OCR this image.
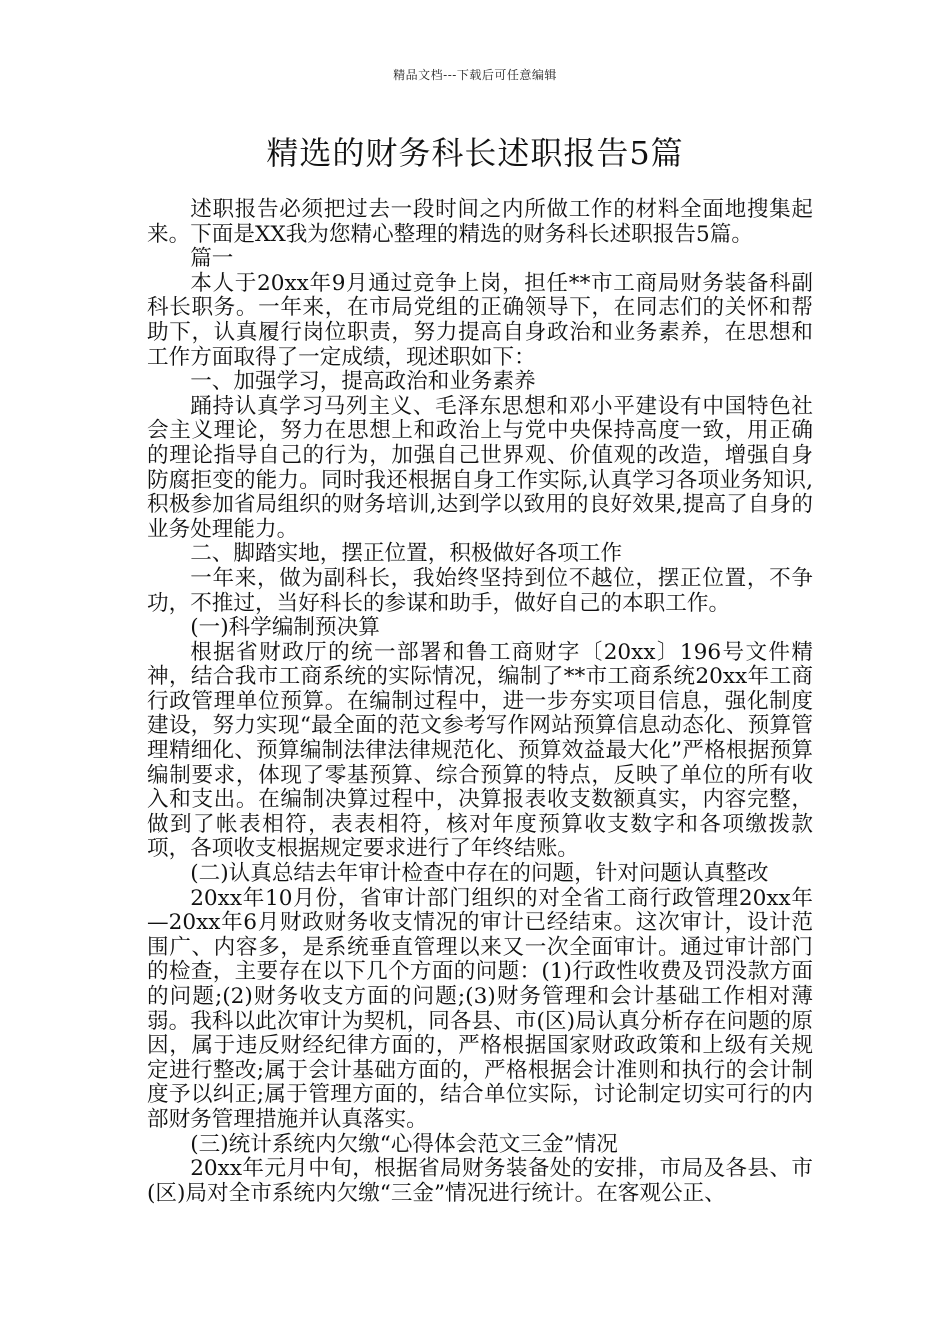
精品文档---下载后可任意编辑
精选的财务科长述职报告5篇

述职报告必须把过去一段时间之内所做工作的材料全面地搜集起来。下面是XX我为您精心整理的精选的财务科长述职报告5篇。

篇一

本人于20xx年9月通过竞争上岗，担任**市工商局财务装备科副科长职务。一年来，在市局党组的正确领导下，在同志们的关怀和帮助下，认真履行岗位职责，努力提高自身政治和业务素养，在思想和工作方面取得了一定成绩，现述职如下：

一、加强学习，提高政治和业务素养

踊持认真学习马列主义、毛泽东思想和邓小平建设有中国特色社会主义理论，努力在思想上和政治上与党中央保持高度一致，用正确的理论指导自己的行为，加强自己世界观、价值观的改造，增强自身防腐拒变的能力。同时我还根据自身工作实际,认真学习各项业务知识,积极参加省局组织的财务培训,达到学以致用的良好效果,提高了自身的业务处理能力。

二、脚踏实地，摆正位置，积极做好各项工作

一年来，做为副科长，我始终坚持到位不越位，摆正位置，不争功，不推过，当好科长的参谋和助手，做好自己的本职工作。

(一)科学编制预决算

根据省财政厅的统一部署和鲁工商财字〔20xx〕196号文件精神，结合我市工商系统的实际情况，编制了**市工商系统20xx年工商行政管理单位预算。在编制过程中，进一步夯实项目信息，强化制度建设，努力实现“最全面的范文参考写作网站预算信息动态化、预算管理精细化、预算编制法律法律规范化、预算效益最大化”严格根据预算编制要求，体现了零基预算、综合预算的特点，反映了单位的所有收入和支出。在编制决算过程中，决算报表收支数额真实，内容完整，做到了帐表相符，表表相符，核对年度预算收支数字和各项缴拨款项，各项收支根据规定要求进行了年终结账。

(二)认真总结去年审计检查中存在的问题，针对问题认真整改

20xx年10月份，省审计部门组织的对全省工商行政管理20xx年—20xx年6月财政财务收支情况的审计已经结束。这次审计，设计范围广、内容多，是系统垂直管理以来又一次全面审计。通过审计部门的检查，主要存在以下几个方面的问题：(1)行政性收费及罚没款方面的问题;(2)财务收支方面的问题;(3)财务管理和会计基础工作相对薄弱。我科以此次审计为契机，同各县、市(区)局认真分析存在问题的原因，属于违反财经纪律方面的，严格根据国家财政政策和上级有关规定进行整改;属于会计基础方面的，严格根据会计准则和执行的会计制度予以纠正;属于管理方面的，结合单位实际，讨论制定切实可行的内部财务管理措施并认真落实。

(三)统计系统内欠缴“心得体会范文三金”情况

20xx年元月中旬，根据省局财务装备处的安排，市局及各县、市(区)局对全市系统内欠缴“三金”情况进行统计。在客观公正、
